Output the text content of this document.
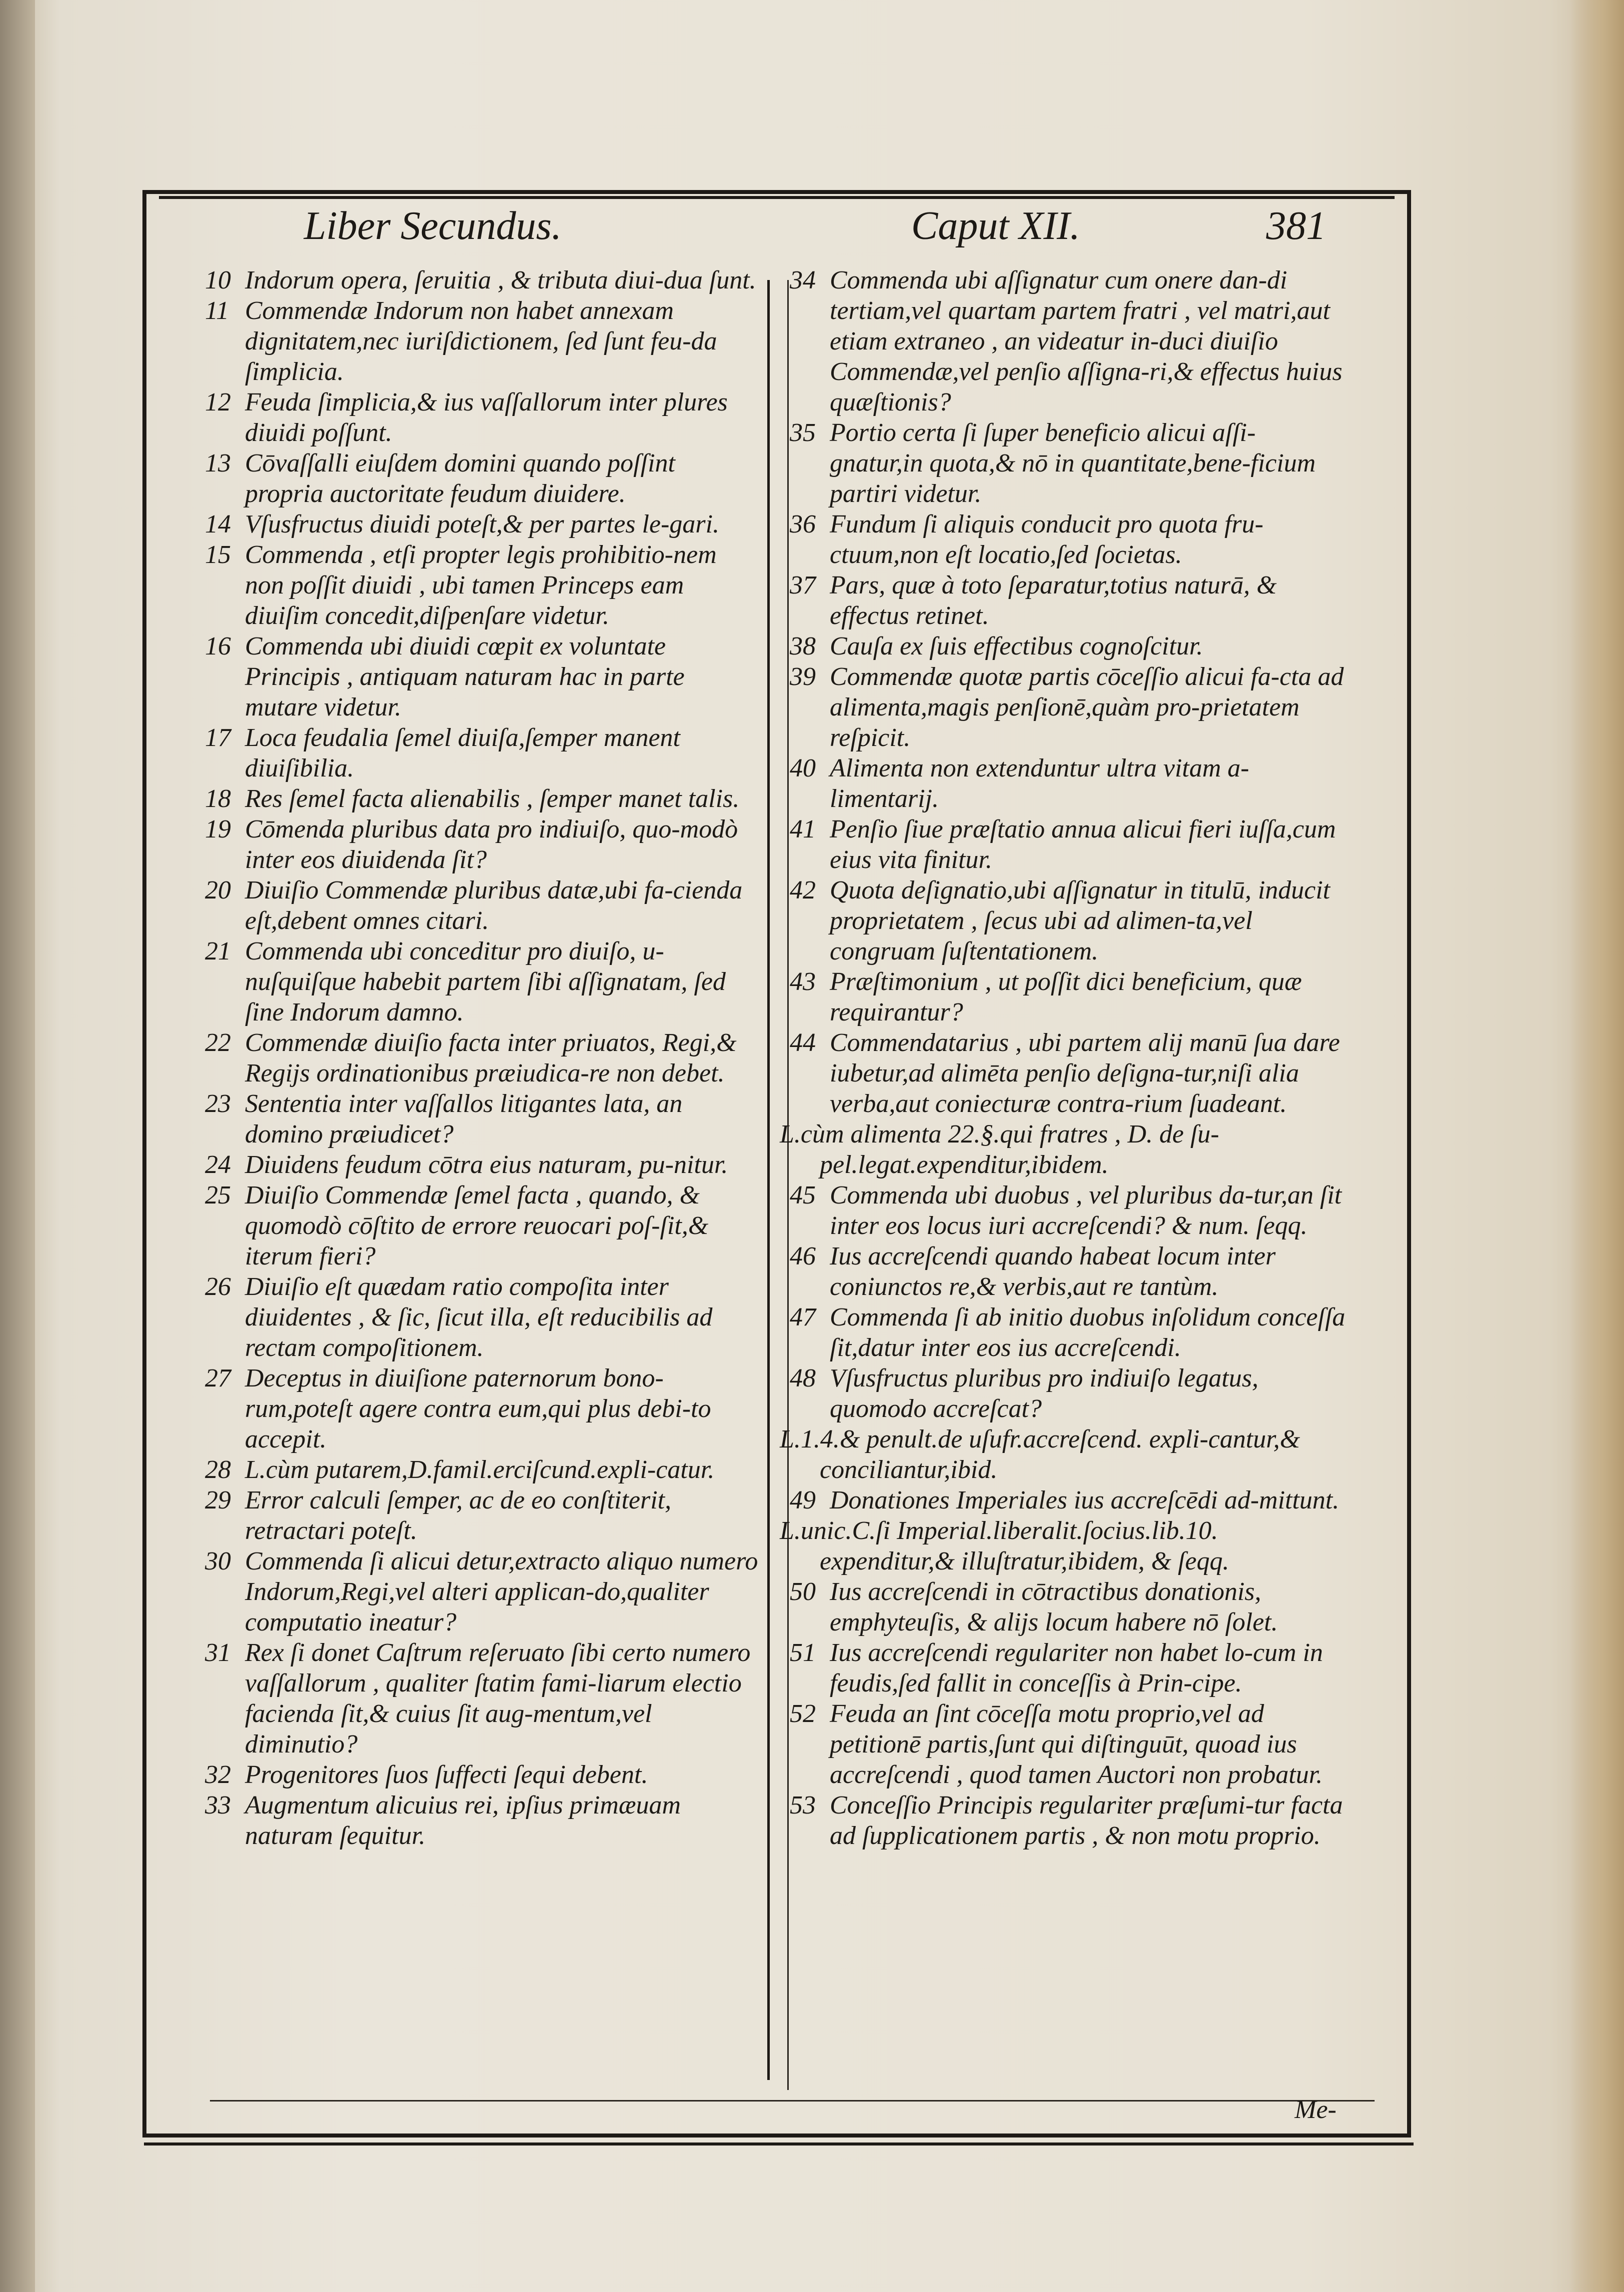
Liber Secundus.	Caput XII.	381
10 Indorum opera, ſeruitia , & tributa diui-dua ſunt.
11 Commendæ Indorum non habet annexam dignitatem,nec iuriſdictionem, ſed ſunt feu-da ſimplicia.
12 Feuda ſimplicia,& ius vaſſallorum inter plures diuidi poſſunt.
13 Cōvaſſalli eiuſdem domini quando poſſint propria auctoritate feudum diuidere.
14 Vſusfructus diuidi poteſt,& per partes le-gari.
15 Commenda , etſi propter legis prohibitio-nem non poſſit diuidi , ubi tamen Princeps eam diuiſim concedit,diſpenſare videtur.
16 Commenda ubi diuidi cœpit ex voluntate Principis , antiquam naturam hac in parte mutare videtur.
17 Loca feudalia ſemel diuiſa,ſemper manent diuiſibilia.
18 Res ſemel facta alienabilis , ſemper manet talis.
19 Cōmenda pluribus data pro indiuiſo, quo-modò inter eos diuidenda ſit?
20 Diuiſio Commendæ pluribus datæ,ubi fa-cienda eſt,debent omnes citari.
21 Commenda ubi conceditur pro diuiſo, u-nuſquiſque habebit partem ſibi aſſignatam, ſed ſine Indorum damno.
22 Commendæ diuiſio facta inter priuatos, Regi,& Regijs ordinationibus præiudica-re non debet.
23 Sententia inter vaſſallos litigantes lata, an domino præiudicet?
24 Diuidens feudum cōtra eius naturam, pu-nitur.
25 Diuiſio Commendæ ſemel facta , quando, & quomodò cōſtito de errore reuocari poſ-ſit,& iterum fieri?
26 Diuiſio eſt quædam ratio compoſita inter diuidentes , & ſic, ſicut illa, eſt reducibilis ad rectam compoſitionem.
27 Deceptus in diuiſione paternorum bono-rum,poteſt agere contra eum,qui plus debi-to accepit.
28 L.cùm putarem,D.famil.erciſcund.expli-catur.
29 Error calculi ſemper, ac de eo conſtiterit, retractari poteſt.
30 Commenda ſi alicui detur,extracto aliquo numero Indorum,Regi,vel alteri applican-do,qualiter computatio ineatur?
31 Rex ſi donet Caſtrum reſeruato ſibi certo numero vaſſallorum , qualiter ſtatim fami-liarum electio facienda ſit,& cuius ſit aug-mentum,vel diminutio?
32 Progenitores ſuos ſuffecti ſequi debent.
33 Augmentum alicuius rei, ipſius primæuam naturam ſequitur.
34 Commenda ubi aſſignatur cum onere dan-di tertiam,vel quartam partem fratri , vel matri,aut etiam extraneo , an videatur in-duci diuiſio Commendæ,vel penſio aſſigna-ri,& effectus huius quæſtionis?
35 Portio certa ſi ſuper beneficio alicui aſſi-gnatur,in quota,& nō in quantitate,bene-ficium partiri videtur.
36 Fundum ſi aliquis conducit pro quota fru-ctuum,non eſt locatio,ſed ſocietas.
37 Pars, quæ à toto ſeparatur,totius naturā, & effectus retinet.
38 Cauſa ex ſuis effectibus cognoſcitur.
39 Commendæ quotæ partis cōceſſio alicui fa-cta ad alimenta,magis penſionē,quàm pro-prietatem reſpicit.
40 Alimenta non extenduntur ultra vitam a-limentarij.
41 Penſio ſiue præſtatio annua alicui fieri iuſſa,cum eius vita finitur.
42 Quota deſignatio,ubi aſſignatur in titulū, inducit proprietatem , ſecus ubi ad alimen-ta,vel congruam ſuſtentationem.
43 Præſtimonium , ut poſſit dici beneficium, quæ requirantur?
44 Commendatarius , ubi partem alij manū ſua dare iubetur,ad alimēta penſio deſigna-tur,niſi alia verba,aut coniecturæ contra-rium ſuadeant.
L.cùm alimenta 22.§.qui fratres , D. de ſu-pel.legat.expenditur,ibidem.
45 Commenda ubi duobus , vel pluribus da-tur,an ſit inter eos locus iuri accreſcendi? & num. ſeqq.
46 Ius accreſcendi quando habeat locum inter coniunctos re,& verbis,aut re tantùm.
47 Commenda ſi ab initio duobus inſolidum conceſſa ſit,datur inter eos ius accreſcendi.
48 Vſusfructus pluribus pro indiuiſo legatus, quomodo accreſcat?
L.1.4.& penult.de uſufr.accreſcend. expli-cantur,& conciliantur,ibid.
49 Donationes Imperiales ius accreſcēdi ad-mittunt.
L.unic.C.ſi Imperial.liberalit.ſocius.lib.10. expenditur,& illuſtratur,ibidem, & ſeqq.
50 Ius accreſcendi in cōtractibus donationis, emphyteuſis, & alijs locum habere nō ſolet.
51 Ius accreſcendi regulariter non habet lo-cum in feudis,ſed fallit in conceſſis à Prin-cipe.
52 Feuda an ſint cōceſſa motu proprio,vel ad petitionē partis,ſunt qui diſtinguūt, quoad ius accreſcendi , quod tamen Auctori non probatur.
53 Conceſſio Principis regulariter præſumi-tur facta ad ſupplicationem partis , & non motu proprio.
Me-
